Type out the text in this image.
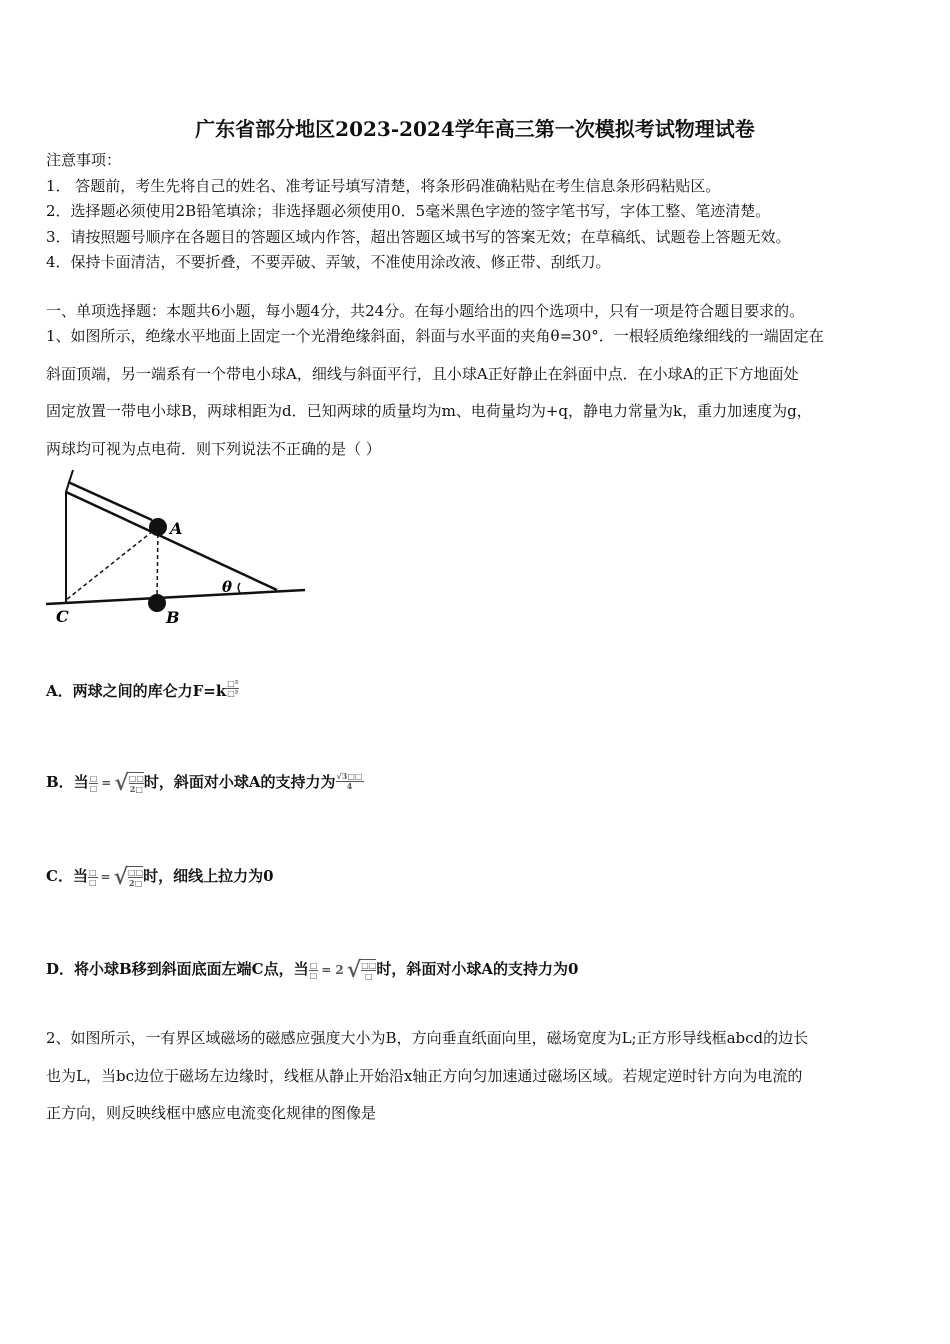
广东省部分地区2023-2024学年高三第一次模拟考试物理试卷
注意事项：
1． 答题前，考生先将自己的姓名、准考证号填写清楚，将条形码准确粘贴在考生信息条形码粘贴区。
2．选择题必须使用2B铅笔填涂；非选择题必须使用0．5毫米黑色字迹的签字笔书写，字体工整、笔迹清楚。
3．请按照题号顺序在各题目的答题区域内作答，超出答题区域书写的答案无效；在草稿纸、试题卷上答题无效。
4．保持卡面清洁，不要折叠，不要弄破、弄皱，不准使用涂改液、修正带、刮纸刀。
一、单项选择题：本题共6小题，每小题4分，共24分。在每小题给出的四个选项中，只有一项是符合题目要求的。
1、如图所示，绝缘水平地面上固定一个光滑绝缘斜面，斜面与水平面的夹角θ=30°．一根轻质绝缘细线的一端固定在
斜面顶端，另一端系有一个带电小球A，细线与斜面平行，且小球A正好静止在斜面中点．在小球A的正下方地面处
固定放置一带电小球B，两球相距为d．已知两球的质量均为m、电荷量均为+q，静电力常量为k，重力加速度为g，
两球均可视为点电荷．则下列说法不正确的是（ ）
A
B
C
θ
A．两球之间的库仑力$F=k \frac{\text{□²}}{\text{□²}}$
B．当 $\frac{□}{□}$ = √ □□
2□ 时，斜面对小球A的支持力为 $\frac{√3□□}{4}$
C．当 $\frac{□}{□}$ = √ □□
2□ 时，细线上拉力为0
D．将小球B移到斜面底面左端C点，当 $\frac{□}{□} = 2$ √ □□
□ 时，斜面对小球A的支持力为0
2、如图所示，一有界区域磁场的磁感应强度大小为B，方向垂直纸面向里，磁场宽度为L;正方形导线框abcd的边长
也为L，当bc边位于磁场左边缘时，线框从静止开始沿x轴正方向匀加速通过磁场区域。若规定逆时针方向为电流的
正方向，则反映线框中感应电流变化规律的图像是
